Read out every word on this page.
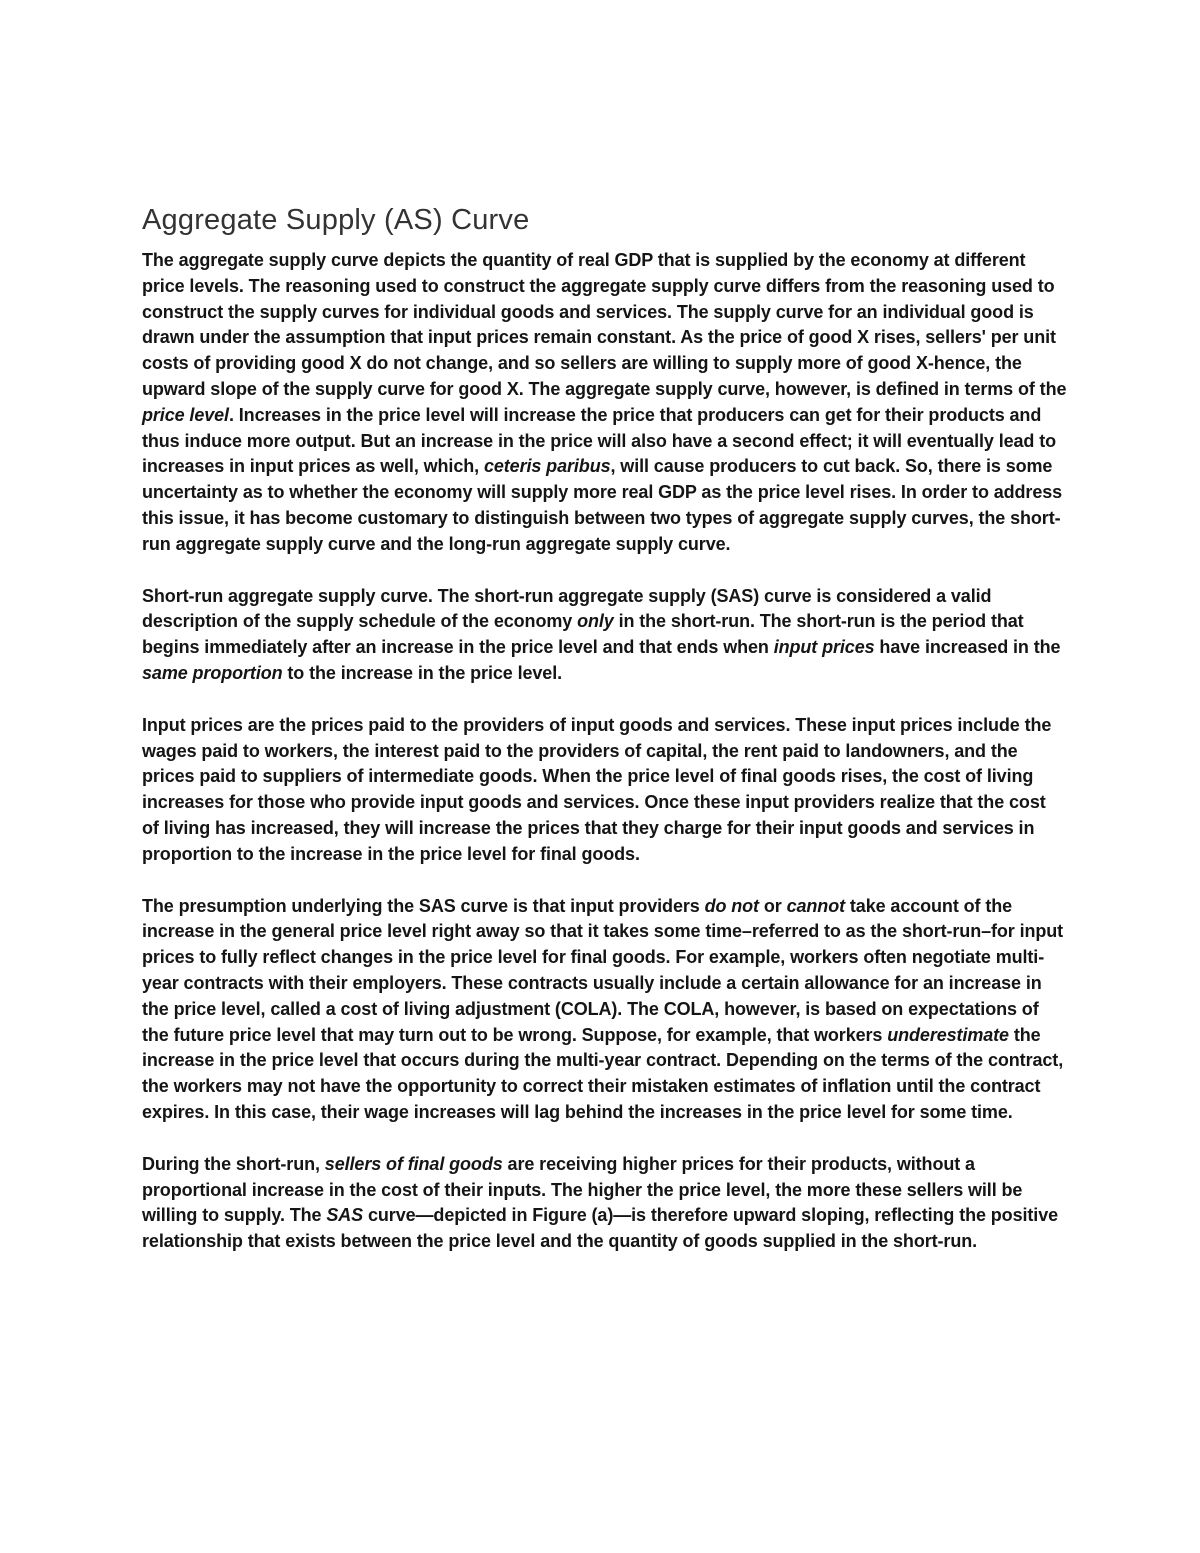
Aggregate Supply (AS) Curve

The aggregate supply curve depicts the quantity of real GDP that is supplied by the economy at different price levels. The reasoning used to construct the aggregate supply curve differs from the reasoning used to construct the supply curves for individual goods and services. The supply curve for an individual good is drawn under the assumption that input prices remain constant. As the price of good X rises, sellers' per unit costs of providing good X do not change, and so sellers are willing to supply more of good X-hence, the upward slope of the supply curve for good X. The aggregate supply curve, however, is defined in terms of the price level. Increases in the price level will increase the price that producers can get for their products and thus induce more output. But an increase in the price will also have a second effect; it will eventually lead to increases in input prices as well, which, ceteris paribus, will cause producers to cut back. So, there is some uncertainty as to whether the economy will supply more real GDP as the price level rises. In order to address this issue, it has become customary to distinguish between two types of aggregate supply curves, the short-run aggregate supply curve and the long-run aggregate supply curve.

Short-run aggregate supply curve. The short-run aggregate supply (SAS) curve is considered a valid description of the supply schedule of the economy only in the short-run. The short-run is the period that begins immediately after an increase in the price level and that ends when input prices have increased in the same proportion to the increase in the price level.

Input prices are the prices paid to the providers of input goods and services. These input prices include the wages paid to workers, the interest paid to the providers of capital, the rent paid to landowners, and the prices paid to suppliers of intermediate goods. When the price level of final goods rises, the cost of living increases for those who provide input goods and services. Once these input providers realize that the cost of living has increased, they will increase the prices that they charge for their input goods and services in proportion to the increase in the price level for final goods.

The presumption underlying the SAS curve is that input providers do not or cannot take account of the increase in the general price level right away so that it takes some time–referred to as the short-run–for input prices to fully reflect changes in the price level for final goods. For example, workers often negotiate multi-year contracts with their employers. These contracts usually include a certain allowance for an increase in the price level, called a cost of living adjustment (COLA). The COLA, however, is based on expectations of the future price level that may turn out to be wrong. Suppose, for example, that workers underestimate the increase in the price level that occurs during the multi-year contract. Depending on the terms of the contract, the workers may not have the opportunity to correct their mistaken estimates of inflation until the contract expires. In this case, their wage increases will lag behind the increases in the price level for some time.

During the short-run, sellers of final goods are receiving higher prices for their products, without a proportional increase in the cost of their inputs. The higher the price level, the more these sellers will be willing to supply. The SAS curve—depicted in Figure (a)—is therefore upward sloping, reflecting the positive relationship that exists between the price level and the quantity of goods supplied in the short-run.
